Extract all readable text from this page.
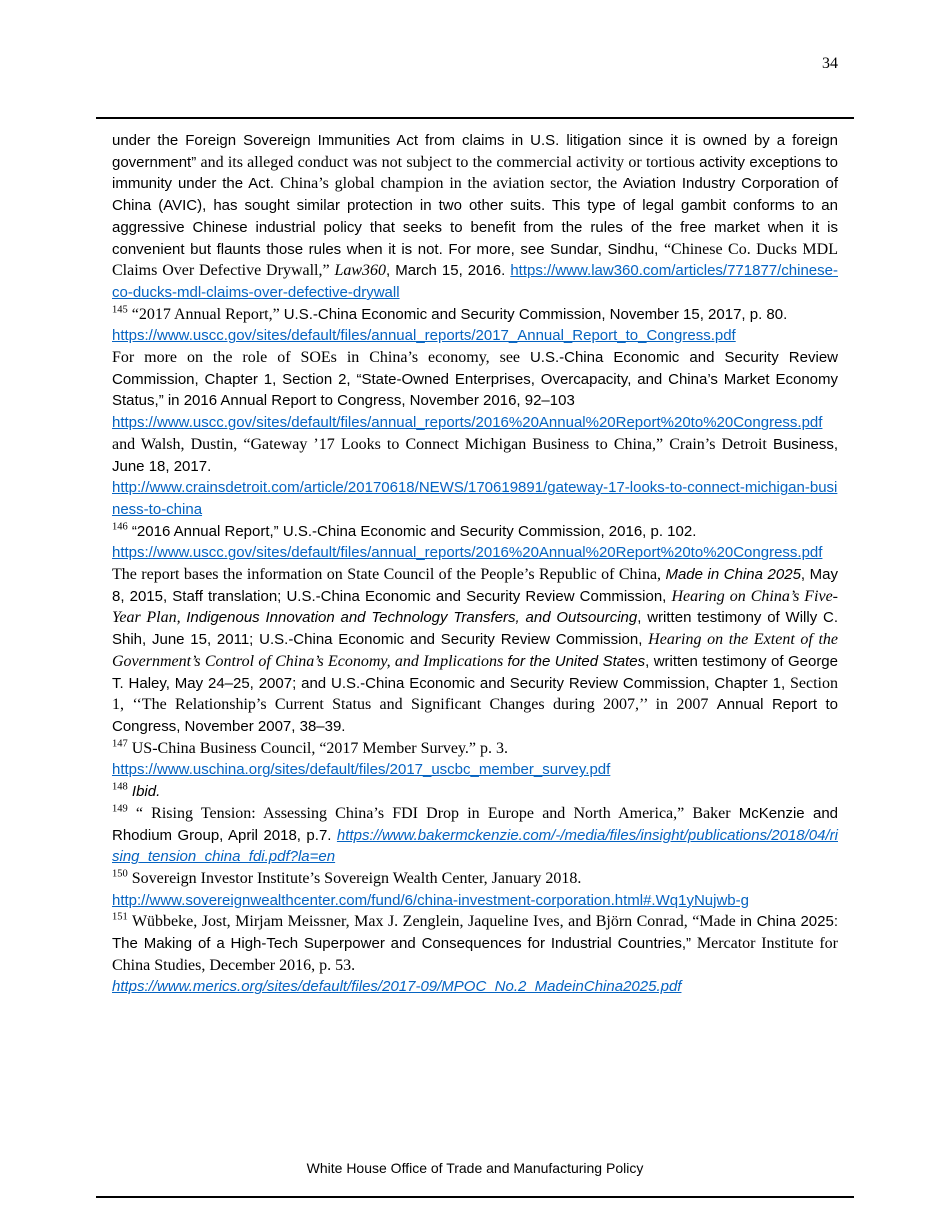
34

under the Foreign Sovereign Immunities Act from claims in U.S. litigation since it is owned by a foreign government” and its alleged conduct was not subject to the commercial activity or tortious activity exceptions to immunity under the Act. China’s global champion in the aviation sector, the Aviation Industry Corporation of China (AVIC), has sought similar protection in two other suits. This type of legal gambit conforms to an aggressive Chinese industrial policy that seeks to benefit from the rules of the free market when it is convenient but flaunts those rules when it is not. For more, see Sundar, Sindhu, “Chinese Co. Ducks MDL Claims Over Defective Drywall,” Law360, March 15, 2016. https://www.law360.com/articles/771877/chinese-co-ducks-mdl-claims-over-defective-drywall

$^{145}$ “2017 Annual Report,” U.S.-China Economic and Security Commission, November 15, 2017, p. 80.
https://www.uscc.gov/sites/default/files/annual_reports/2017_Annual_Report_to_Congress.pdf
For more on the role of SOEs in China’s economy, see U.S.-China Economic and Security Review Commission, Chapter 1, Section 2, “State-Owned Enterprises, Overcapacity, and China’s Market Economy Status,” in 2016 Annual Report to Congress, November 2016, 92–103
https://www.uscc.gov/sites/default/files/annual_reports/2016%20Annual%20Report%20to%20Congress.pdf
and Walsh, Dustin, “Gateway ’17 Looks to Connect Michigan Business to China,” Crain’s Detroit Business, June 18, 2017.
http://www.crainsdetroit.com/article/20170618/NEWS/170619891/gateway-17-looks-to-connect-michigan-business-to-china

$^{146}$ “2016 Annual Report,” U.S.-China Economic and Security Commission, 2016, p. 102.
https://www.uscc.gov/sites/default/files/annual_reports/2016%20Annual%20Report%20to%20Congress.pdf The report bases the information on State Council of the People’s Republic of China, Made in China 2025, May 8, 2015, Staff translation; U.S.-China Economic and Security Review Commission, Hearing on China’s Five-Year Plan, Indigenous Innovation and Technology Transfers, and Outsourcing, written testimony of Willy C. Shih, June 15, 2011; U.S.-China Economic and Security Review Commission, Hearing on the Extent of the Government’s Control of China’s Economy, and Implications for the United States, written testimony of George T. Haley, May 24–25, 2007; and U.S.-China Economic and Security Review Commission, Chapter 1, Section 1, ‘‘The Relationship’s Current Status and Significant Changes during 2007,’’ in 2007 Annual Report to Congress, November 2007, 38–39.

$^{147}$ US-China Business Council, “2017 Member Survey.” p. 3.
https://www.uschina.org/sites/default/files/2017_uscbc_member_survey.pdf

$^{148}$ Ibid.

$^{149}$ “ Rising Tension: Assessing China’s FDI Drop in Europe and North America,” Baker McKenzie and Rhodium Group, April 2018, p.7. https://www.bakermckenzie.com/-/media/files/insight/publications/2018/04/rising_tension_china_fdi.pdf?la=en

$^{150}$ Sovereign Investor Institute’s Sovereign Wealth Center, January 2018.
http://www.sovereignwealthcenter.com/fund/6/china-investment-corporation.html#.Wq1yNujwb-g

$^{151}$ Wübbeke, Jost, Mirjam Meissner, Max J. Zenglein, Jaqueline Ives, and Björn Conrad, “Made in China 2025: The Making of a High-Tech Superpower and Consequences for Industrial Countries,” Mercator Institute for China Studies, December 2016, p. 53.
https://www.merics.org/sites/default/files/2017-09/MPOC_No.2_MadeinChina2025.pdf

White House Office of Trade and Manufacturing Policy
